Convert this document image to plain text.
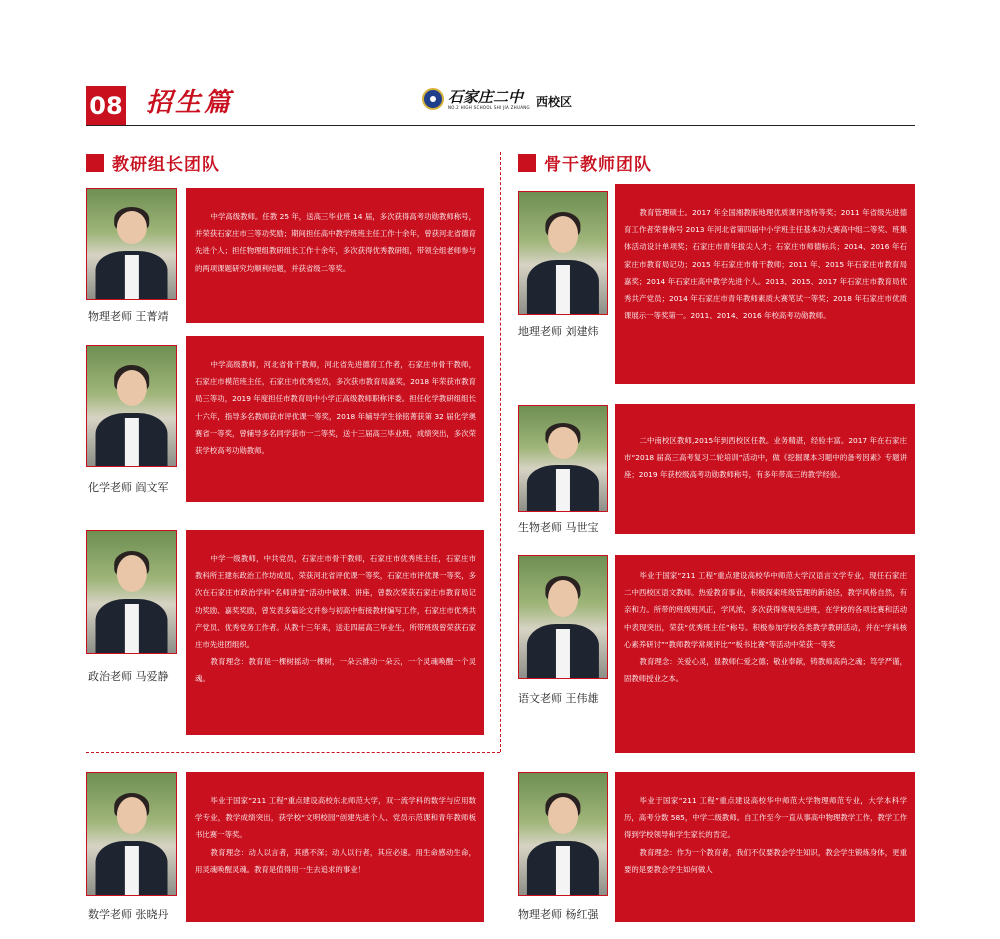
08 招生篇	石家庄二中
NO.2 HIGH SCHOOL SHI JIA ZHUANG 西校区
教研组长团队	骨干教师团队
物理老师 王菁靖

中学高级教师。任教 25 年，送高三毕业班 14 届，多次获得高考功勋教师称号，并荣获石家庄市三等功奖励；期间担任高中教学班班主任工作十余年，曾获河北省德育先进个人；担任物理组教研组长工作十余年，多次获得优秀教研组，带领全组老师参与的两项课题研究均顺利结题，并获省级二等奖。

化学老师 阎文军

中学高级教师，河北省骨干教师，河北省先进德育工作者，石家庄市骨干教师，石家庄市模范班主任，石家庄市优秀党员，多次获市教育局嘉奖，2018 年荣获市教育局三等功，2019 年度担任市教育局中小学正高级教师职称评委。担任化学教研组组长十六年，指导多名教师获市评优课一等奖，2018 年辅导学生徐铭菁获第 32 届化学奥赛省一等奖，曾辅导多名同学获市一二等奖，送十三届高三毕业班，成绩突出，多次荣获学校高考功勋教师。

政治老师 马爱静

中学一级教师，中共党员，石家庄市骨干教师，石家庄市优秀班主任，石家庄市教科所王建东政治工作坊成员，荣获河北省评优课一等奖，石家庄市评优课一等奖，多次在石家庄市政治学科“名师讲堂”活动中做课、讲座，曾数次荣获石家庄市教育局记功奖励、嘉奖奖励，曾发表多篇论文并参与初高中衔接教材编写工作，石家庄市优秀共产党员、优秀党务工作者。从教十三年来，送走四届高三毕业生，所带班级曾荣获石家庄市先进团组织。

教育理念：教育是一棵树摇动一棵树，一朵云推动一朵云，一个灵魂唤醒一个灵魂。

数学老师 张晓丹

毕业于国家“211 工程”重点建设高校东北师范大学，双一流学科的数学与应用数学专业，教学成绩突出，获学校“文明校园”创建先进个人、党员示范课和青年教师板书比赛一等奖。

教育理念：动人以言者，其感不深；动人以行者，其应必速。用生命感动生命，用灵魂唤醒灵魂。教育是值得用一生去追求的事业！

地理老师 刘建炜

教育管理硕士。2017 年全国湘教版地理优质课评选特等奖；2011 年省级先进德育工作者荣誉称号 2013 年河北省第四届中小学班主任基本功大赛高中组二等奖、班集体活动设计单项奖；石家庄市青年拔尖人才；石家庄市师德标兵；2014、2016 年石家庄市教育局记功；2015 年石家庄市骨干教师；2011 年、2015 年石家庄市教育局嘉奖；2014 年石家庄高中教学先进个人。2013、2015、2017 年石家庄市教育局优秀共产党员；2014 年石家庄市青年教师素质大赛笔试一等奖；2018 年石家庄市优质课展示一等奖第一。2011、2014、2016 年校高考功勋教师。

生物老师 马世宝

二中南校区教师,2015年到西校区任教。业务精湛，经验丰富。2017 年在石家庄市“2018 届高三高考复习二轮培训”活动中，做《挖掘课本习题中的备考因素》专题讲座；2019 年获校级高考功勋教师称号，有多年带高三的教学经验。

语文老师 王伟雄

毕业于国家“211 工程”重点建设高校华中师范大学汉语言文学专业，现任石家庄二中西校区语文教师。热爱教育事业，积极探索班级管理的新途径，教学风格自然，有亲和力。所带的班级班风正，学风浓，多次获得常规先进班，在学校的各项比赛和活动中表现突出，荣获“优秀班主任”称号。积极参加学校各类教学教研活动，并在“学科核心素养研讨”“教师教学常规评比”“板书比赛”等活动中荣获一等奖

教育理念：关爱心灵，显教师仁爱之德；敬业奉献，铸教师高尚之魂；笃学严谨，固教师授业之本。

物理老师 杨红强

毕业于国家“211 工程”重点建设高校华中师范大学物理师范专业，大学本科学历，高考分数 585，中学二级教师。自工作至今一直从事高中物理教学工作，教学工作得到学校领导和学生家长的肯定。

教育理念：作为一个教育者，我们不仅要教会学生知识，教会学生锻炼身体，更重要的是要教会学生如何做人
